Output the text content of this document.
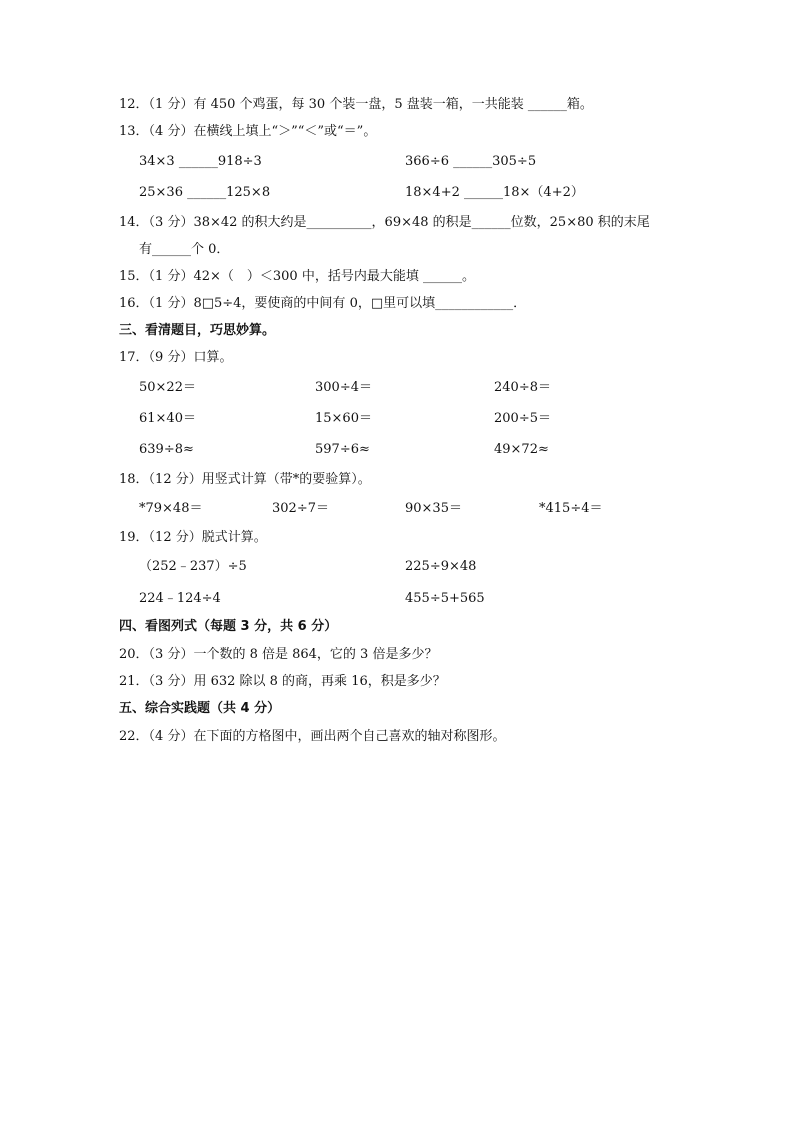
12．（1 分）有 450 个鸡蛋，每 30 个装一盘，5 盘装一箱，一共能装 ______箱。
13．（4 分）在横线上填上“＞”“＜”或“＝”。
34×3 ______918÷3	366÷6 ______305÷5
25×36 ______125×8	18×4+2 ______18×（4+2）
14．（3 分）38×42 的积大约是__________，69×48 的积是______位数，25×80 积的末尾
有______个 0．
15．（1 分）42×（　）＜300 中，括号内最大能填 ______。
16．（1 分）8□5÷4，要使商的中间有 0，□里可以填____________．
三、看清题目，巧思妙算。
17．（9 分）口算。
50×22＝	300÷4＝	240÷8＝
61×40＝	15×60＝	200÷5＝
639÷8≈	597÷6≈	49×72≈
18．（12 分）用竖式计算（带*的要验算）。
*79×48＝	302÷7＝	90×35＝	*415÷4＝
19．（12 分）脱式计算。
（252﹣237）÷5	225÷9×48
224﹣124÷4	455÷5+565
四、看图列式（每题 3 分，共 6 分）
20．（3 分）一个数的 8 倍是 864，它的 3 倍是多少？
21．（3 分）用 632 除以 8 的商，再乘 16，积是多少？
五、综合实践题（共 4 分）
22．（4 分）在下面的方格图中，画出两个自己喜欢的轴对称图形。
